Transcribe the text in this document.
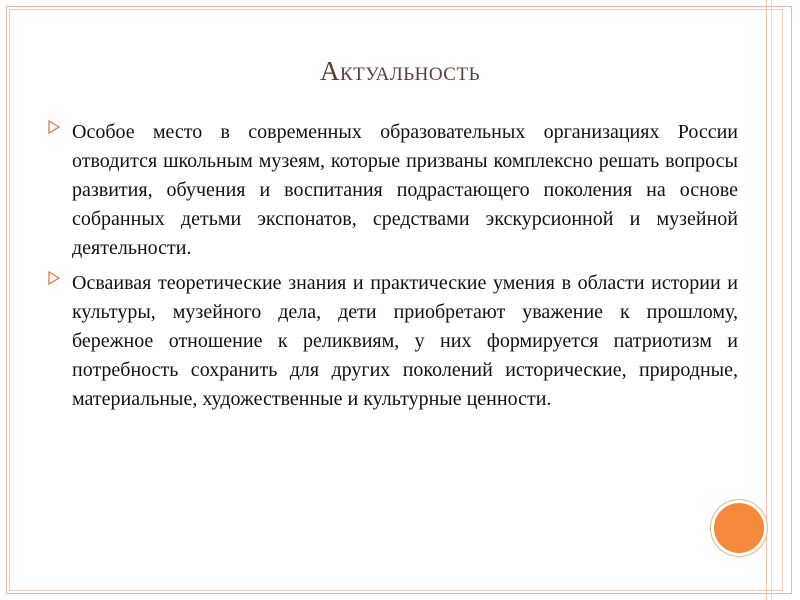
Актуальность
Особое место в современных образовательных организациях России отводится школьным музеям, которые призваны комплексно решать вопросы развития, обучения и воспитания подрастающего поколения на основе собранных детьми экспонатов, средствами экскурсионной и музейной деятельности.
Осваивая теоретические знания и практические умения в области истории и культуры, музейного дела, дети приобретают уважение к прошлому, бережное отношение к реликвиям, у них формируется патриотизм и потребность сохранить для других поколений исторические, природные, материальные, художественные и культурные ценности.
